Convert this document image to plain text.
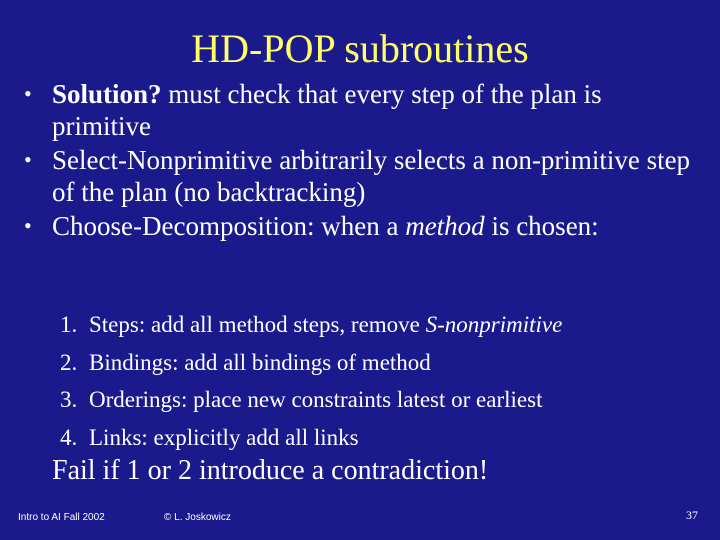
HD-POP subroutines
• Solution? must check that every step of the plan is primitive
• Select-Nonprimitive arbitrarily selects a non-primitive step of the plan (no backtracking)
• Choose-Decomposition: when a method is chosen:
1. Steps: add all method steps, remove S-nonprimitive
2. Bindings: add all bindings of method
3. Orderings: place new constraints latest or earliest
4. Links: explicitly add all links
Fail if 1 or 2 introduce a contradiction!
Intro to AI Fall 2002	© L. Joskowicz	37
